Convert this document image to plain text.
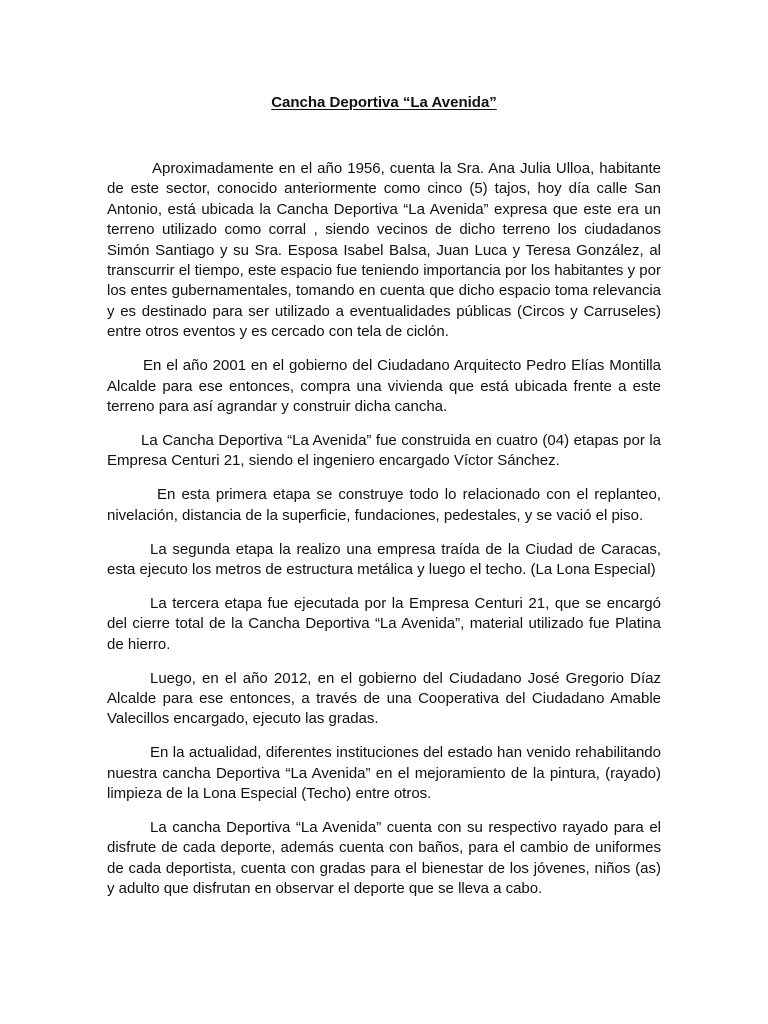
Cancha Deportiva “La Avenida”

Aproximadamente en el año 1956, cuenta la Sra. Ana Julia Ulloa, habitante de este sector, conocido anteriormente como cinco (5) tajos, hoy día calle San Antonio, está ubicada la Cancha Deportiva “La Avenida” expresa que este era un terreno utilizado como corral , siendo vecinos de dicho terreno los ciudadanos Simón Santiago y su Sra. Esposa Isabel Balsa, Juan Luca y Teresa González, al transcurrir el tiempo, este espacio fue teniendo importancia por los habitantes y por los entes gubernamentales, tomando en cuenta que dicho espacio toma relevancia y es destinado para ser utilizado a eventualidades públicas (Circos y Carruseles) entre otros eventos y es cercado con tela de ciclón.

En el año 2001 en el gobierno del Ciudadano Arquitecto Pedro Elías Montilla Alcalde para ese entonces, compra una vivienda que está ubicada frente a este terreno para así agrandar y construir dicha cancha.

La Cancha Deportiva “La Avenida” fue construida en cuatro (04) etapas por la Empresa Centuri 21, siendo el ingeniero encargado Víctor Sánchez.

En esta primera etapa se construye todo lo relacionado con el replanteo, nivelación, distancia de la superficie, fundaciones, pedestales, y se vació el piso.

La segunda etapa la realizo una empresa traída de la Ciudad de Caracas, esta ejecuto los metros de estructura metálica y luego el techo. (La Lona Especial)

La tercera etapa fue ejecutada por la Empresa Centuri 21, que se encargó del cierre total de la Cancha Deportiva “La Avenida”, material utilizado fue Platina de hierro.

Luego, en el año 2012, en el gobierno del Ciudadano José Gregorio Díaz Alcalde para ese entonces, a través de una Cooperativa del Ciudadano Amable Valecillos encargado, ejecuto las gradas.

En la actualidad, diferentes instituciones del estado han venido rehabilitando nuestra cancha Deportiva “La Avenida” en el mejoramiento de la pintura, (rayado) limpieza de la Lona Especial (Techo) entre otros.

La cancha Deportiva “La Avenida” cuenta con su respectivo rayado para el disfrute de cada deporte, además cuenta con baños, para el cambio de uniformes de cada deportista, cuenta con gradas para el bienestar de los jóvenes, niños (as) y adulto que disfrutan en observar el deporte que se lleva a cabo.
